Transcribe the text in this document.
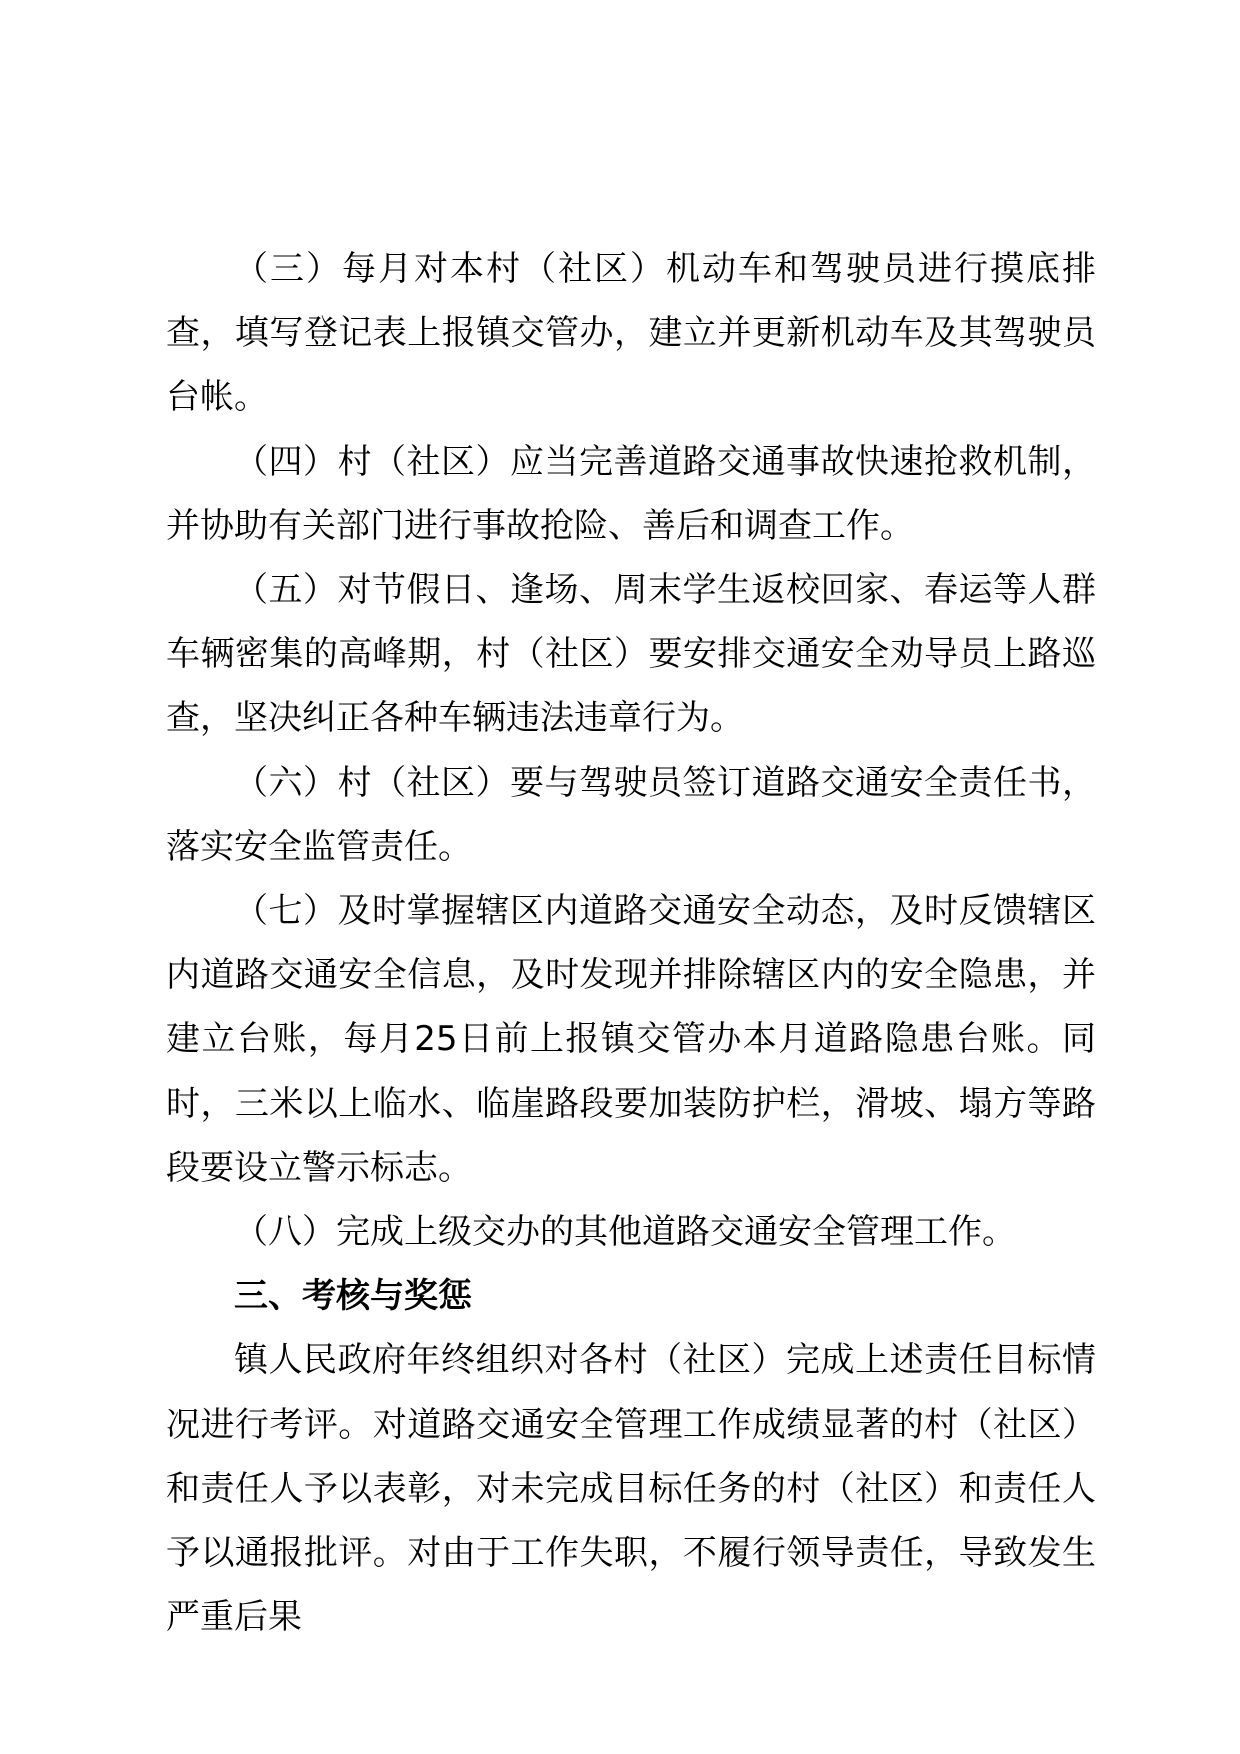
（三）每月对本村（社区）机动车和驾驶员进行摸底排查，填写登记表上报镇交管办，建立并更新机动车及其驾驶员台帐。

（四）村（社区）应当完善道路交通事故快速抢救机制，并协助有关部门进行事故抢险、善后和调查工作。

（五）对节假日、逢场、周末学生返校回家、春运等人群车辆密集的高峰期，村（社区）要安排交通安全劝导员上路巡查，坚决纠正各种车辆违法违章行为。

（六）村（社区）要与驾驶员签订道路交通安全责任书，落实安全监管责任。

（七）及时掌握辖区内道路交通安全动态，及时反馈辖区内道路交通安全信息，及时发现并排除辖区内的安全隐患，并建立台账，每月25日前上报镇交管办本月道路隐患台账。同时，三米以上临水、临崖路段要加装防护栏，滑坡、塌方等路段要设立警示标志。

（八）完成上级交办的其他道路交通安全管理工作。

三、考核与奖惩

镇人民政府年终组织对各村（社区）完成上述责任目标情况进行考评。对道路交通安全管理工作成绩显著的村（社区）和责任人予以表彰，对未完成目标任务的村（社区）和责任人予以通报批评。对由于工作失职，不履行领导责任，导致发生严重后果
